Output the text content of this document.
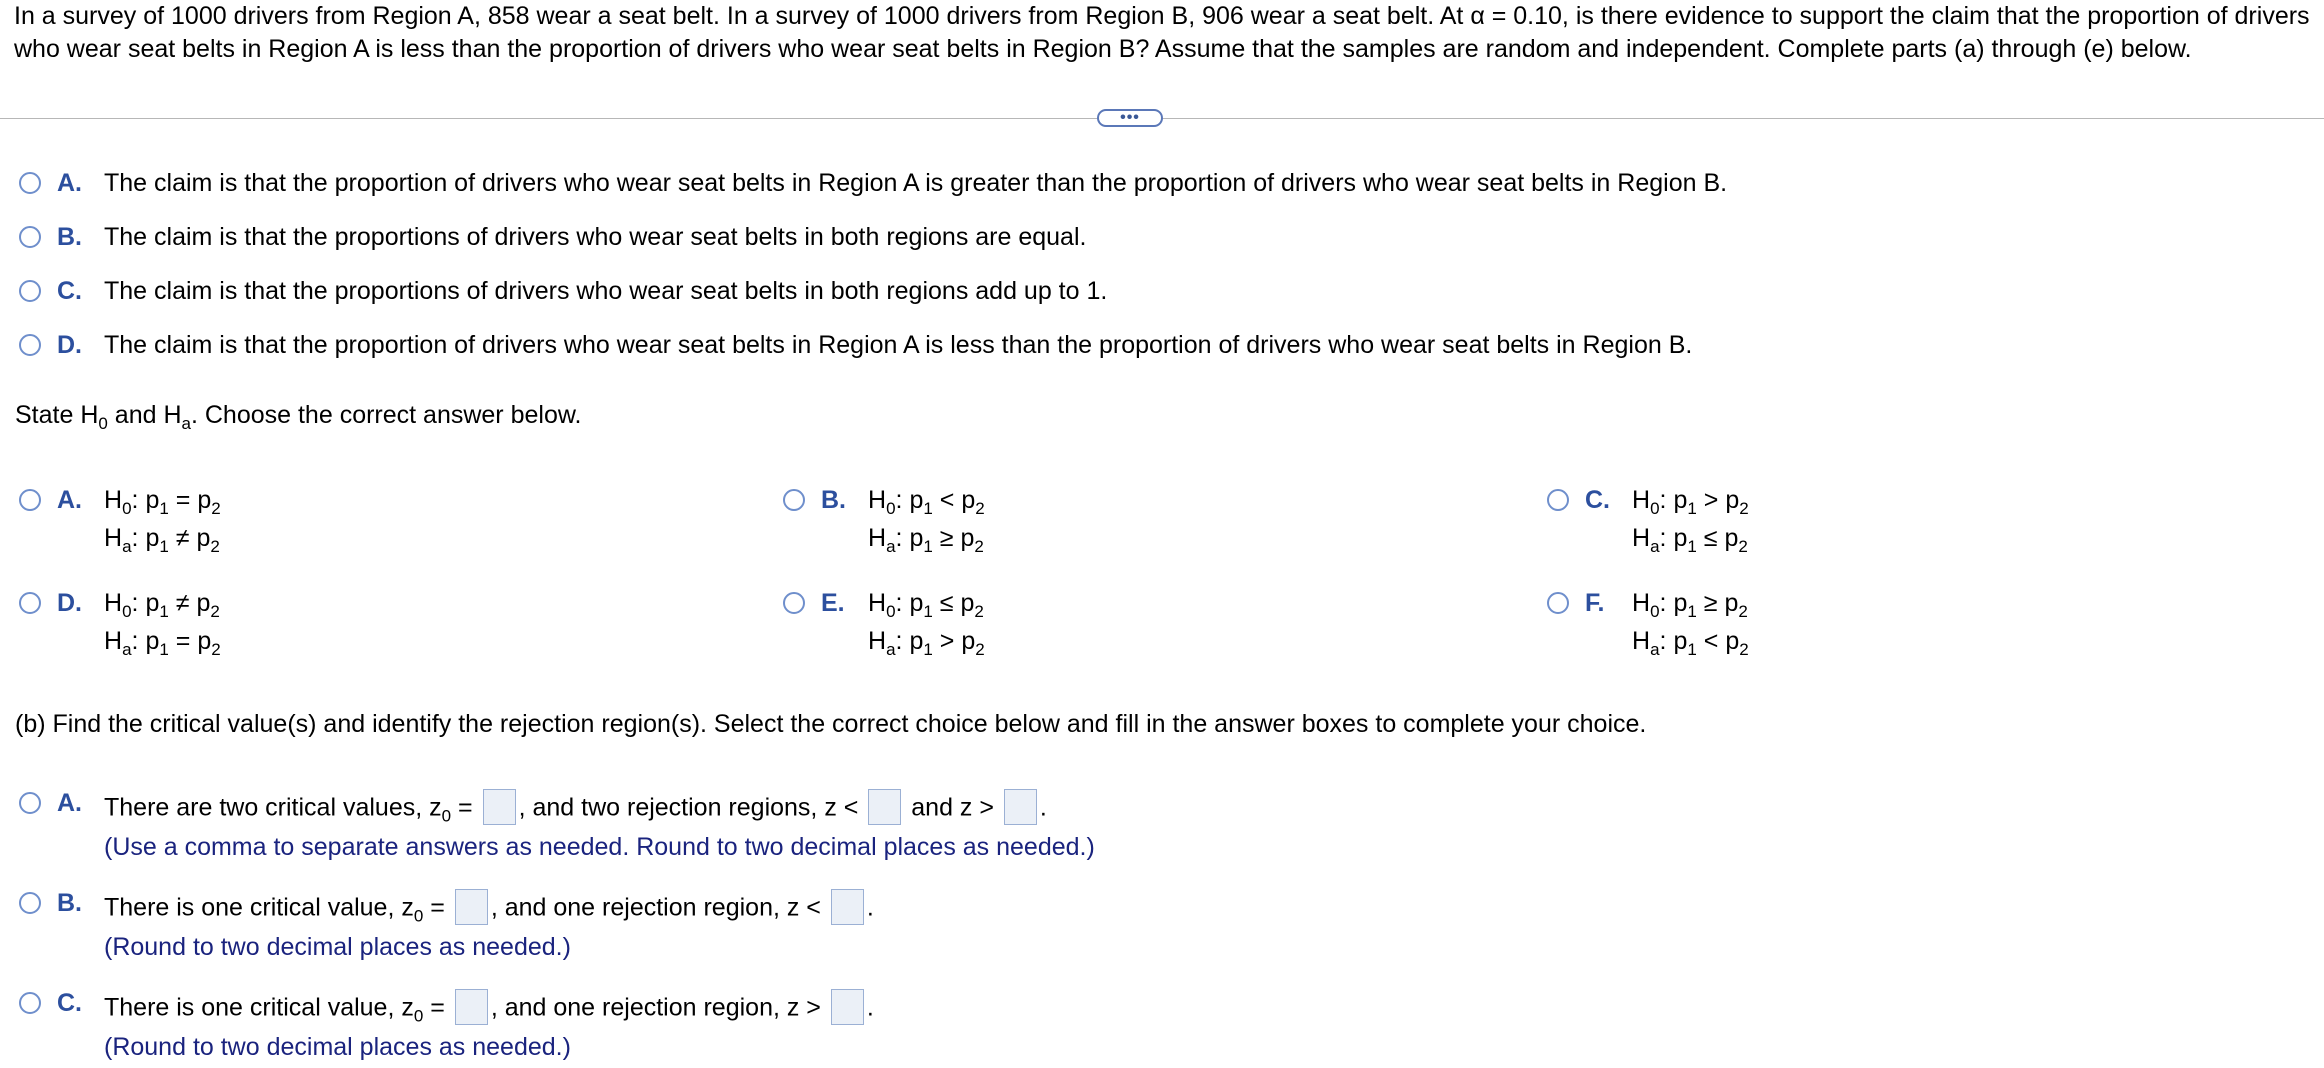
In a survey of 1000 drivers from Region A, 858 wear a seat belt. In a survey of 1000 drivers from Region B, 906 wear a seat belt. At α = 0.10, is there evidence to support the claim that the proportion of drivers who wear seat belts in Region A is less than the proportion of drivers who wear seat belts in Region B? Assume that the samples are random and independent. Complete parts (a) through (e) below.
•••
A. The claim is that the proportion of drivers who wear seat belts in Region A is greater than the proportion of drivers who wear seat belts in Region B.
B. The claim is that the proportions of drivers who wear seat belts in both regions are equal.
C. The claim is that the proportions of drivers who wear seat belts in both regions add up to 1.
D. The claim is that the proportion of drivers who wear seat belts in Region A is less than the proportion of drivers who wear seat belts in Region B.
State $H_0$ and $H_a$. Choose the correct answer below.
A. $H_0$: $p_1 = p_2$
$H_a$: $p_1 \ne p_2$
B. $H_0$: $p_1 < p_2$
$H_a$: $p_1 \ge p_2$
C. $H_0$: $p_1 > p_2$
$H_a$: $p_1 \le p_2$
D. $H_0$: $p_1 \ne p_2$
$H_a$: $p_1 = p_2$
E. $H_0$: $p_1 \le p_2$
$H_a$: $p_1 > p_2$
F. $H_0$: $p_1 \ge p_2$
$H_a$: $p_1 < p_2$
(b) Find the critical value(s) and identify the rejection region(s). Select the correct choice below and fill in the answer boxes to complete your choice.
A. There are two critical values, $z_0$ = , and two rejection regions, z <  and z > .
(Use a comma to separate answers as needed. Round to two decimal places as needed.)
B. There is one critical value, $z_0$ = , and one rejection region, z < .
(Round to two decimal places as needed.)
C. There is one critical value, $z_0$ = , and one rejection region, z > .
(Round to two decimal places as needed.)
